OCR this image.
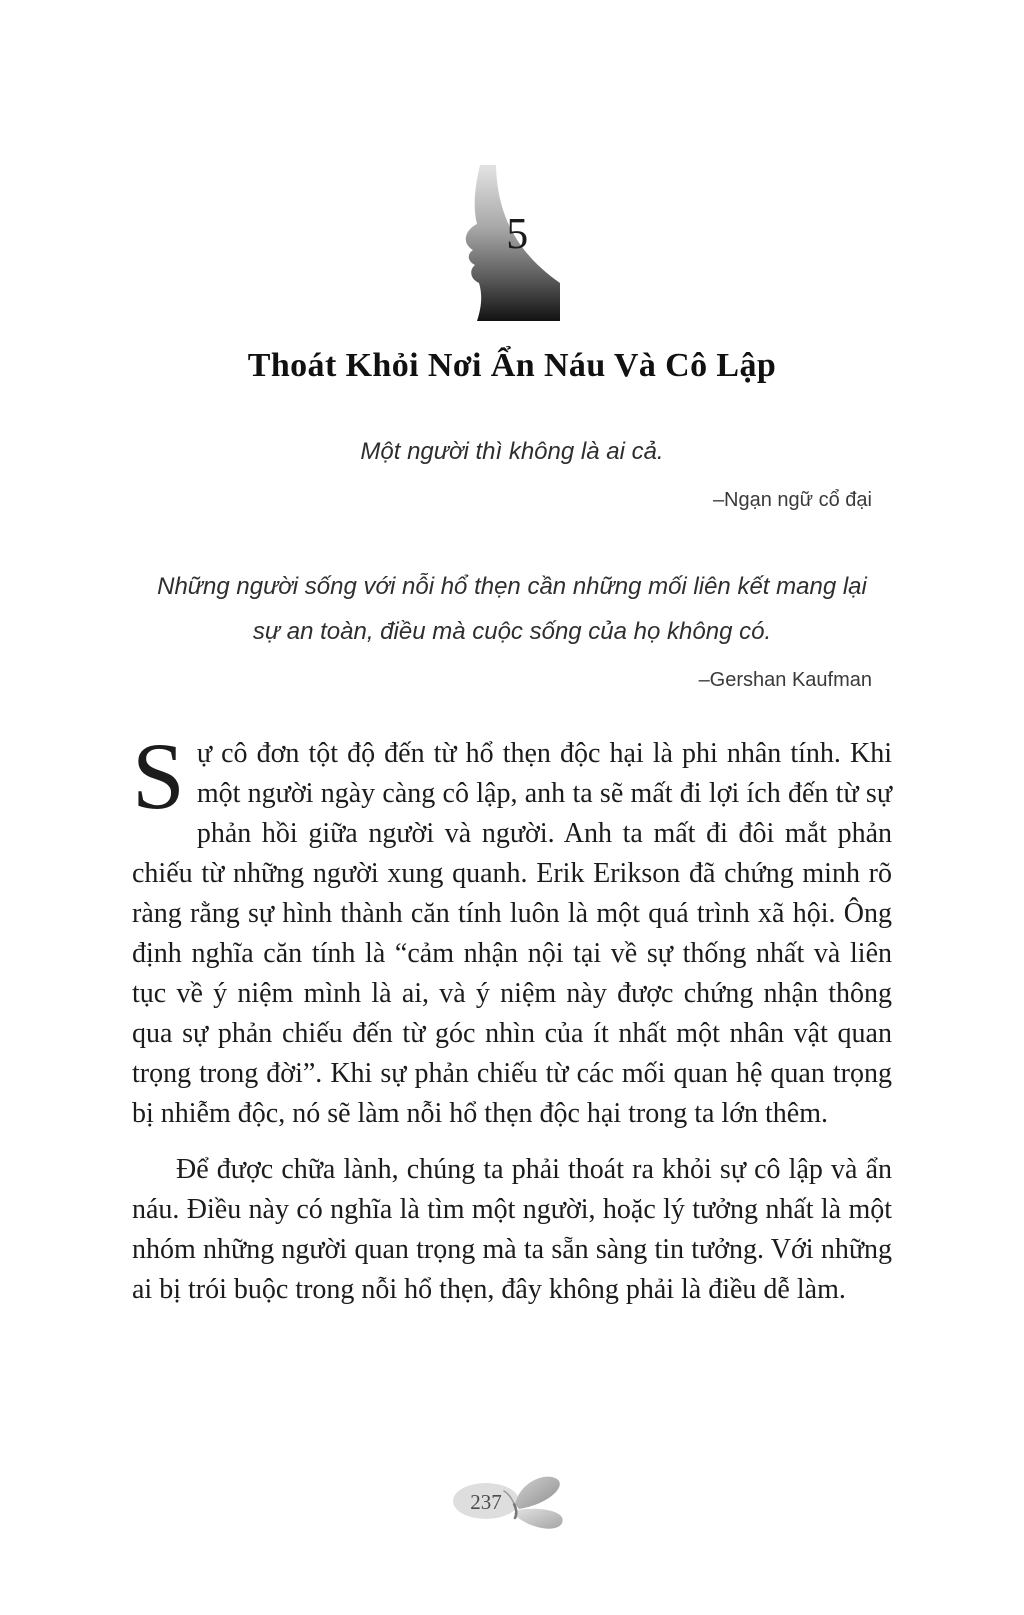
5
Thoát Khỏi Nơi Ẩn Náu Và Cô Lập
Một người thì không là ai cả.
–Ngạn ngữ cổ đại
Những người sống với nỗi hổ thẹn cần những mối liên kết mang lại sự an toàn, điều mà cuộc sống của họ không có.
–Gershan Kaufman

Sự cô đơn tột độ đến từ hổ thẹn độc hại là phi nhân tính. Khi một người ngày càng cô lập, anh ta sẽ mất đi lợi ích đến từ sự phản hồi giữa người và người. Anh ta mất đi đôi mắt phản chiếu từ những người xung quanh. Erik Erikson đã chứng minh rõ ràng rằng sự hình thành căn tính luôn là một quá trình xã hội. Ông định nghĩa căn tính là “cảm nhận nội tại về sự thống nhất và liên tục về ý niệm mình là ai, và ý niệm này được chứng nhận thông qua sự phản chiếu đến từ góc nhìn của ít nhất một nhân vật quan trọng trong đời”. Khi sự phản chiếu từ các mối quan hệ quan trọng bị nhiễm độc, nó sẽ làm nỗi hổ thẹn độc hại trong ta lớn thêm.

Để được chữa lành, chúng ta phải thoát ra khỏi sự cô lập và ẩn náu. Điều này có nghĩa là tìm một người, hoặc lý tưởng nhất là một nhóm những người quan trọng mà ta sẵn sàng tin tưởng. Với những ai bị trói buộc trong nỗi hổ thẹn, đây không phải là điều dễ làm.

237
